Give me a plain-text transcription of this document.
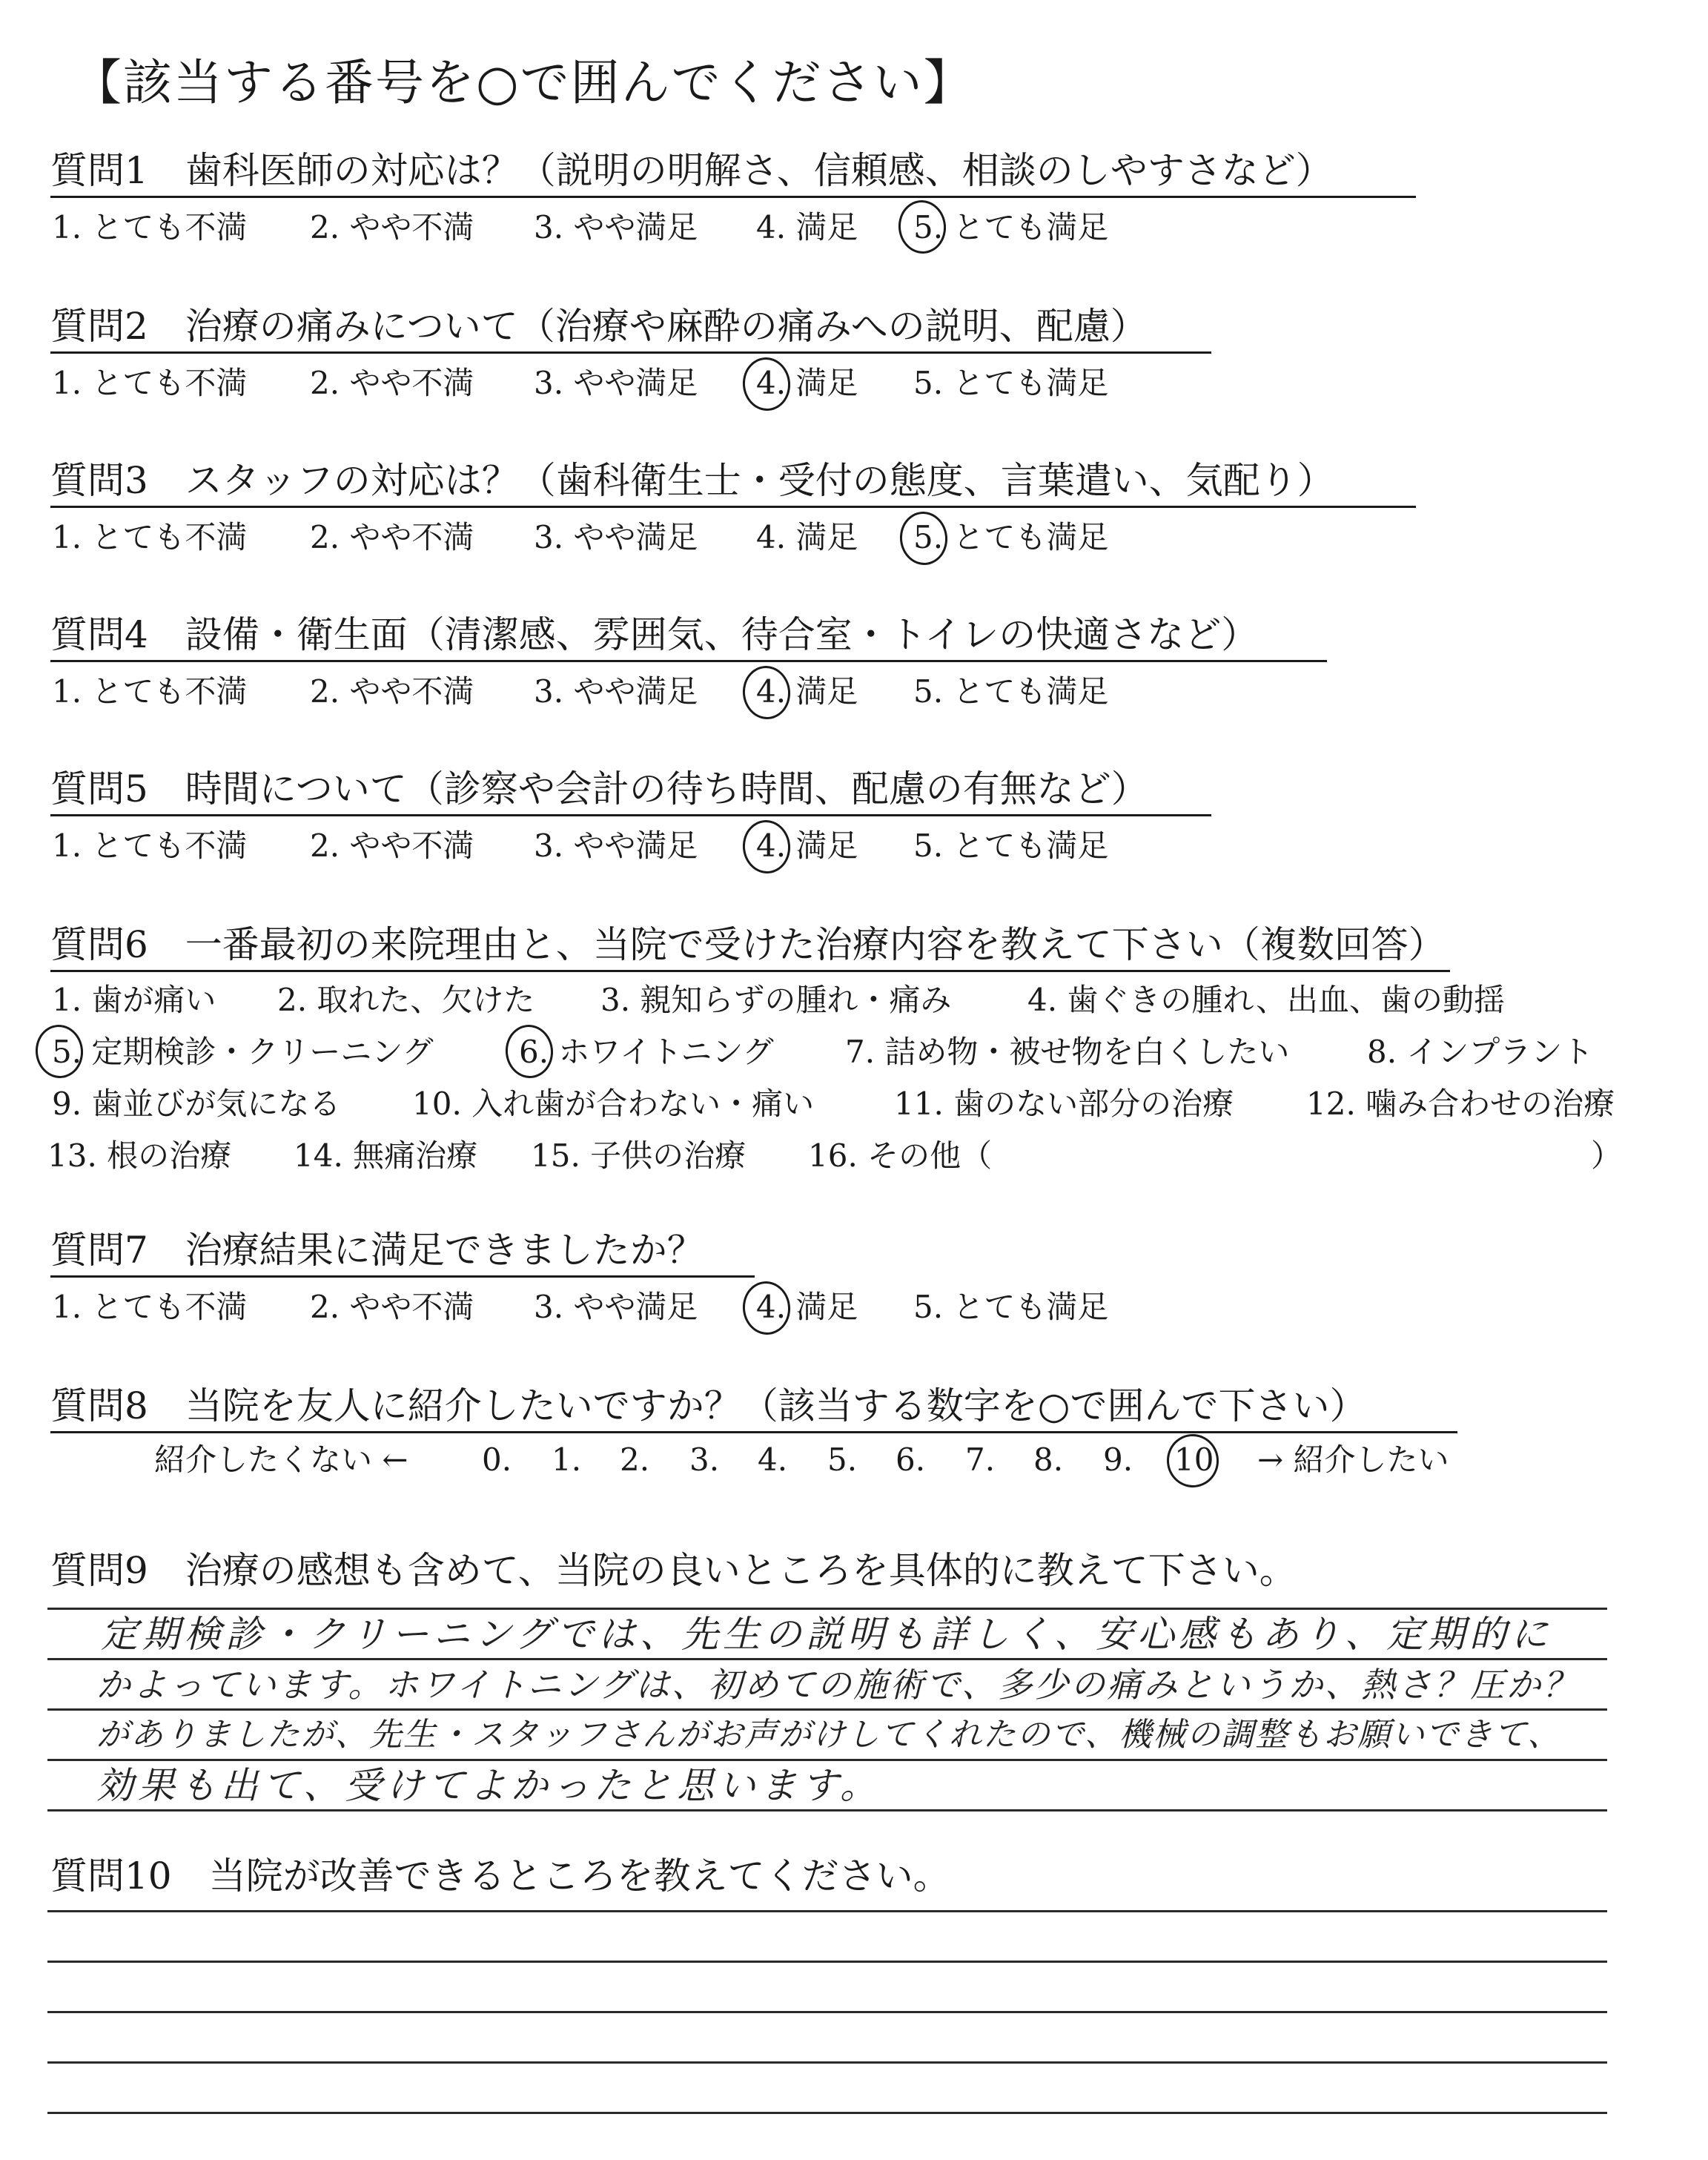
【該当する番号を○で囲んでください】
質問1　歯科医師の対応は？（説明の明解さ、信頼感、相談のしやすさなど）
1. とても不満 2. やや不満 3. やや満足 4. 満足 5. とても満足
質問2　治療の痛みについて（治療や麻酔の痛みへの説明、配慮）
1. とても不満 2. やや不満 3. やや満足 4. 満足 5. とても満足
質問3　スタッフの対応は？（歯科衛生士・受付の態度、言葉遣い、気配り）
1. とても不満 2. やや不満 3. やや満足 4. 満足 5. とても満足
質問4　設備・衛生面（清潔感、雰囲気、待合室・トイレの快適さなど）
1. とても不満 2. やや不満 3. やや満足 4. 満足 5. とても満足
質問5　時間について（診察や会計の待ち時間、配慮の有無など）
1. とても不満 2. やや不満 3. やや満足 4. 満足 5. とても満足
質問6　一番最初の来院理由と、当院で受けた治療内容を教えて下さい（複数回答）
1. 歯が痛い 2. 取れた、欠けた 3. 親知らずの腫れ・痛み 4. 歯ぐきの腫れ、出血、歯の動揺
5. 定期検診・クリーニング	6. ホワイトニング 7. 詰め物・被せ物を白くしたい 8. インプラント
9. 歯並びが気になる 10. 入れ歯が合わない・痛い	11. 歯のない部分の治療 12. 噛み合わせの治療
13. 根の治療 14. 無痛治療 15. 子供の治療 16. その他（	）
質問7　治療結果に満足できましたか？
1. とても不満 2. やや不満 3. やや満足 4. 満足 5. とても満足
質問8　当院を友人に紹介したいですか？（該当する数字を○で囲んで下さい）
紹介したくない ← 0. 1. 2. 3. 4. 5. 6. 7. 8. 9. 10 → 紹介したい
質問9　治療の感想も含めて、当院の良いところを具体的に教えて下さい。
定期検診・クリーニングでは、先生の説明も詳しく、安心感もあり、定期的に
かよっています。ホワイトニングは、初めての施術で、多少の痛みというか、熱さ？圧か？
がありましたが、先生・スタッフさんがお声がけしてくれたので、機械の調整もお願いできて、
効果も出て、受けてよかったと思います。
質問10　当院が改善できるところを教えてください。
